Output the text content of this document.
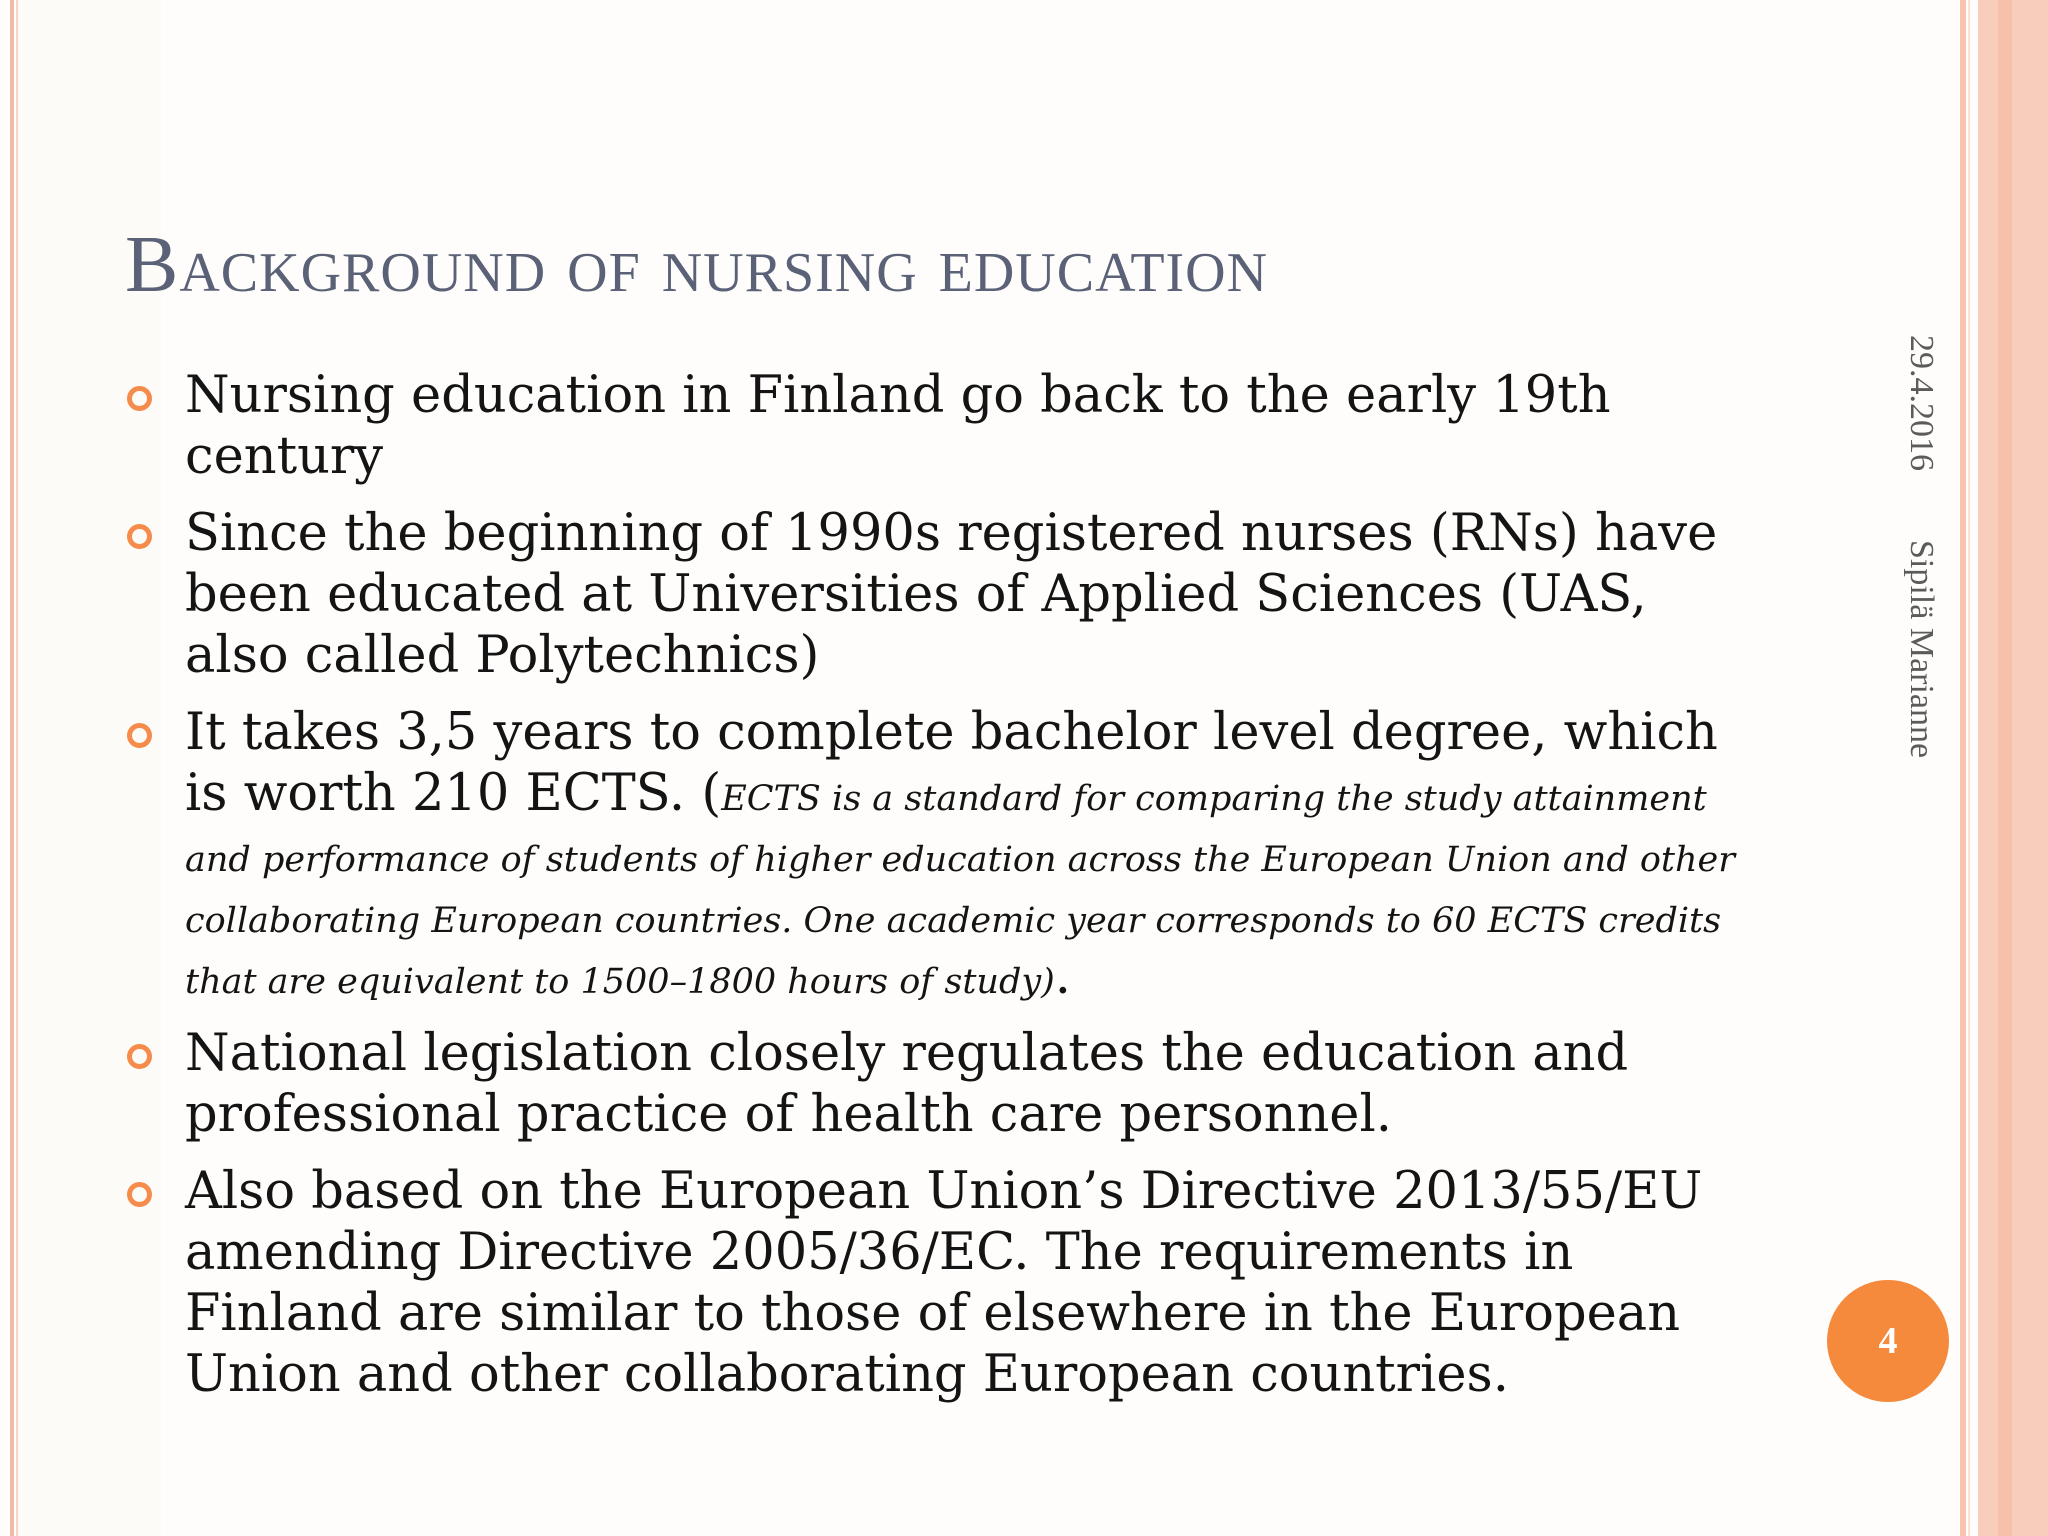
Background of nursing education
Nursing education in Finland go back to the early 19th century
Since the beginning of 1990s registered nurses (RNs) have been educated at Universities of Applied Sciences (UAS, also called Polytechnics)
It takes 3,5 years to complete bachelor level degree, which is worth 210 ECTS. (ECTS is a standard for comparing the study attainment and performance of students of higher education across the European Union and other collaborating European countries. One academic year corresponds to 60 ECTS credits that are equivalent to 1500–1800 hours of study).
National legislation closely regulates the education and professional practice of health care personnel.
Also based on the European Union’s Directive 2013/55/EU amending Directive 2005/36/EC. The requirements in Finland are similar to those of elsewhere in the European Union and other collaborating European countries.
29.4.2016
Sipilä Marianne
4
